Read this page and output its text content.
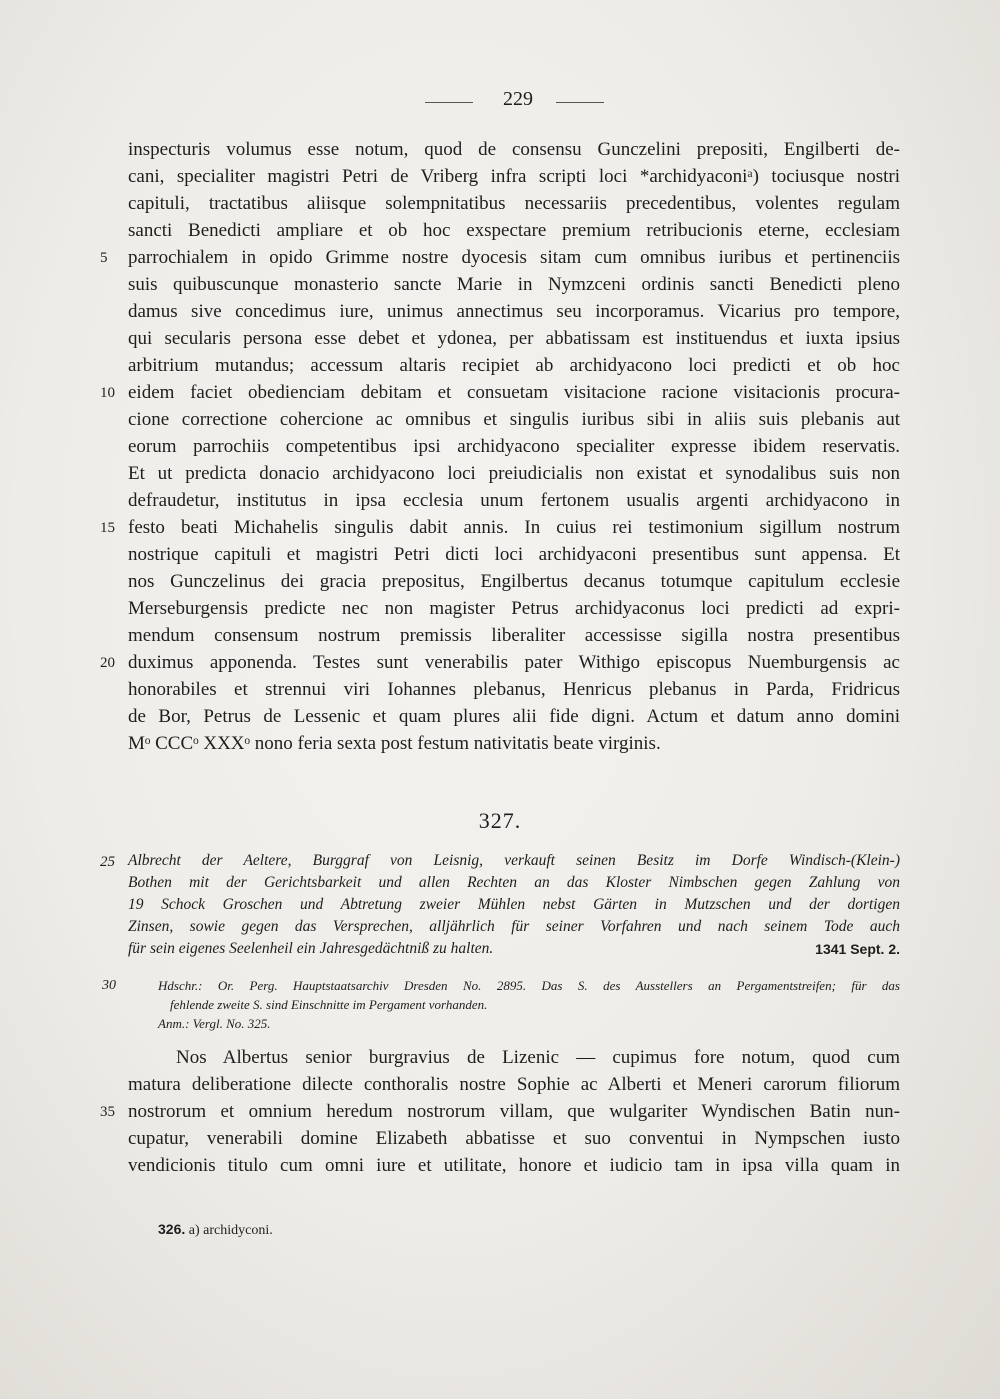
229
inspecturis volumus esse notum, quod de consensu Gunczelini prepositi, Engilberti de-
cani, specialiter magistri Petri de Vriberg infra scripti loci *archidyaconiᵃ) tociusque nostri
capituli, tractatibus aliisque solempnitatibus necessariis precedentibus, volentes regulam
sancti Benedicti ampliare et ob hoc exspectare premium retribucionis eterne, ecclesiam
5	parrochialem in opido Grimme nostre dyocesis sitam cum omnibus iuribus et pertinenciis
suis quibuscunque monasterio sancte Marie in Nymzceni ordinis sancti Benedicti pleno
damus sive concedimus iure, unimus annectimus seu incorporamus. Vicarius pro tempore,
qui secularis persona esse debet et ydonea, per abbatissam est instituendus et iuxta ipsius
arbitrium mutandus; accessum altaris recipiet ab archidyacono loci predicti et ob hoc
10 eidem faciet obedienciam debitam et consuetam visitacione racione visitacionis procura-
cione correctione cohercione ac omnibus et singulis iuribus sibi in aliis suis plebanis aut
eorum parrochiis competentibus ipsi archidyacono specialiter expresse ibidem reservatis.
Et ut predicta donacio archidyacono loci preiudicialis non existat et synodalibus suis non
defraudetur, institutus in ipsa ecclesia unum fertonem usualis argenti archidyacono in
15 festo beati Michahelis singulis dabit annis. In cuius rei testimonium sigillum nostrum
nostrique capituli et magistri Petri dicti loci archidyaconi presentibus sunt appensa. Et
nos Gunczelinus dei gracia prepositus, Engilbertus decanus totumque capitulum ecclesie
Merseburgensis predicte nec non magister Petrus archidyaconus loci predicti ad expri-
mendum consensum nostrum premissis liberaliter accessisse sigilla nostra presentibus
20 duximus apponenda. Testes sunt venerabilis pater Withigo episcopus Nuemburgensis ac
honorabiles et strennui viri Iohannes plebanus, Henricus plebanus in Parda, Fridricus
de Bor, Petrus de Lessenic et quam plures alii fide digni. Actum et datum anno domini
Mᵒ CCCᵒ XXXᵒ nono feria sexta post festum nativitatis beate virginis.
327.
25 Albrecht der Aeltere, Burggraf von Leisnig, verkauft seinen Besitz im Dorfe Windisch-(Klein-)
Bothen mit der Gerichtsbarkeit und allen Rechten an das Kloster Nimbschen gegen Zahlung von
19 Schock Groschen und Abtretung zweier Mühlen nebst Gärten in Mutzschen und der dortigen
Zinsen, sowie gegen das Versprechen, alljährlich für seiner Vorfahren und nach seinem Tode auch
für sein eigenes Seelenheil ein Jahresgedächtniß zu halten.	1341 Sept. 2.
30	Hdschr.: Or. Perg. Hauptstaatsarchiv Dresden No. 2895. Das S. des Ausstellers an Pergamentstreifen; für das
fehlende zweite S. sind Einschnitte im Pergament vorhanden.
Anm.: Vergl. No. 325.
Nos Albertus senior burgravius de Lizenic — cupimus fore notum, quod cum
matura deliberatione dilecte conthoralis nostre Sophie ac Alberti et Meneri carorum filiorum
35 nostrorum et omnium heredum nostrorum villam, que wulgariter Wyndischen Batin nun-
cupatur, venerabili domine Elizabeth abbatisse et suo conventui in Nympschen iusto
vendicionis titulo cum omni iure et utilitate, honore et iudicio tam in ipsa villa quam in
326. a) archidyconi.
